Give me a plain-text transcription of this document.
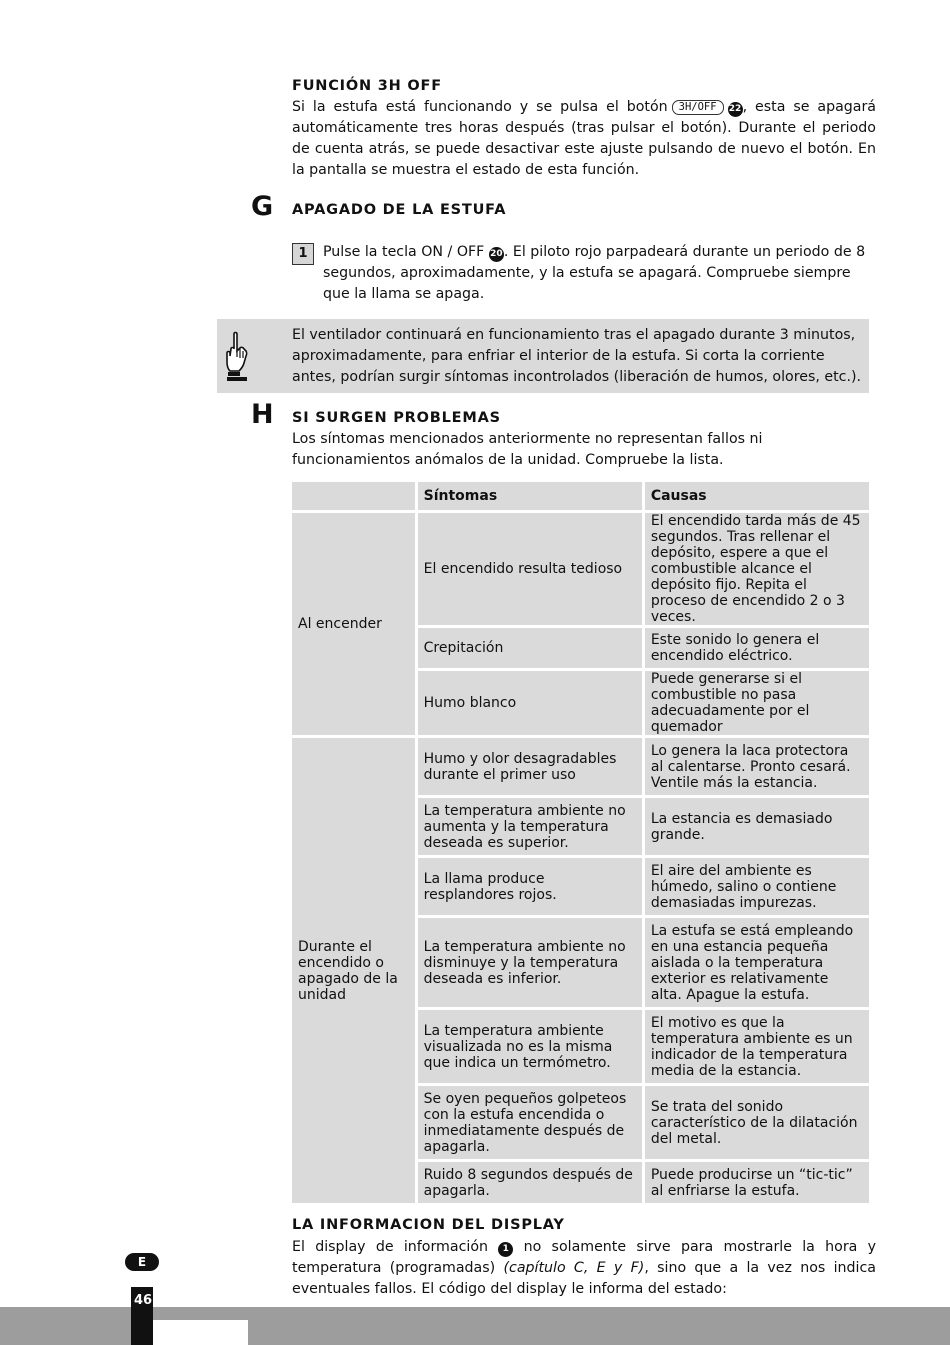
FUNCIÓN 3H OFF
Si la estufa está funcionando y se pulsa el botón 3H/OFF 22, esta se apagará automáticamente tres horas después (tras pulsar el botón). Durante el periodo de cuenta atrás, se puede desactivar este ajuste pulsando de nuevo el botón. En la pantalla se muestra el estado de esta función.
G APAGADO DE LA ESTUFA
1	Pulse la tecla ON / OFF 20. El piloto rojo parpadeará durante un periodo de 8 segundos, aproximadamente, y la estufa se apagará. Compruebe siempre que la llama se apaga.
El ventilador continuará en funcionamiento tras el apagado durante 3 minutos, aproximadamente, para enfriar el interior de la estufa. Si corta la corriente antes, podrían surgir síntomas incontrolados (liberación de humos, olores, etc.).
H SI SURGEN PROBLEMAS
Los síntomas mencionados anteriormente no representan fallos ni funcionamientos anómalos de la unidad. Compruebe la lista.
	Síntomas	Causas
Al encender	El encendido resulta tedioso	El encendido tarda más de 45 segundos. Tras rellenar el depósito, espere a que el combustible alcance el depósito fijo. Repita el proceso de encendido 2 o 3 veces.
	Crepitación	Este sonido lo genera el encendido eléctrico.
	Humo blanco	Puede generarse si el combustible no pasa adecuadamente por el quemador
Durante el encendido o apagado de la unidad	Humo y olor desagradables durante el primer uso	Lo genera la laca protectora al calentarse. Pronto cesará. Ventile más la estancia.
	La temperatura ambiente no aumenta y la temperatura deseada es superior.	La estancia es demasiado grande.
	La llama produce resplandores rojos.	El aire del ambiente es húmedo, salino o contiene demasiadas impurezas.
	La temperatura ambiente no disminuye y la temperatura deseada es inferior.	La estufa se está empleando en una estancia pequeña aislada o la temperatura exterior es relativamente alta. Apague la estufa.
	La temperatura ambiente visualizada no es la misma que indica un termómetro.	El motivo es que la temperatura ambiente es un indicador de la temperatura media de la estancia.
	Se oyen pequeños golpeteos con la estufa encendida o inmediatamente después de apagarla.	Se trata del sonido característico de la dilatación del metal.
	Ruido 8 segundos después de apagarla.	Puede producirse un “tic-tic” al enfriarse la estufa.
LA INFORMACION DEL DISPLAY
El display de información 1 no solamente sirve para mostrarle la hora y temperatura (programadas) (capítulo C, E y F), sino que a la vez nos indica eventuales fallos. El código del display le informa del estado:
E
46
